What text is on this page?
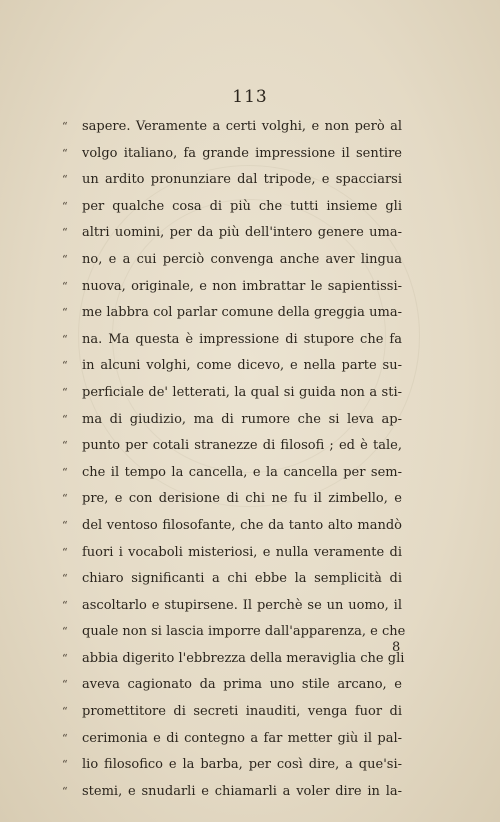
113
“	sapere. Veramente a certi volghi, e non però al
“	volgo italiano, fa grande impressione il sentire
“	un ardito pronunziare dal tripode, e spacciarsi
“	per qualche cosa di più che tutti insieme gli
“	altri uomini, per da più dell'intero genere uma-
“	no, e a cui perciò convenga anche aver lingua
“	nuova, originale, e non imbrattar le sapientissi-
“	me labbra col parlar comune della greggia uma-
“	na. Ma questa è impressione di stupore che fa
“	in alcuni volghi, come dicevo, e nella parte su-
“	perficiale de' letterati, la qual si guida non a sti-
“	ma di giudizio, ma di rumore che si leva ap-
“	punto per cotali stranezze di filosofi ; ed è tale,
“	che il tempo la cancella, e la cancella per sem-
“	pre, e con derisione di chi ne fu il zimbello, e
“	del ventoso filosofante, che da tanto alto mandò
“	fuori i vocaboli misteriosi, e nulla veramente di
“	chiaro significanti a chi ebbe la semplicità di
“	ascoltarlo e stupirsene. Il perchè se un uomo, il
“	quale non si lascia imporre dall'apparenza, e che
“	abbia digerito l'ebbrezza della meraviglia che gli
“	aveva cagionato da prima uno stile arcano, e
“	promettitore di secreti inauditi, venga fuor di
“	cerimonia e di contegno a far metter giù il pal-
“	lio filosofico e la barba, per così dire, a que'si-
“	stemi, e snudarli e chiamarli a voler dire in la-
8
